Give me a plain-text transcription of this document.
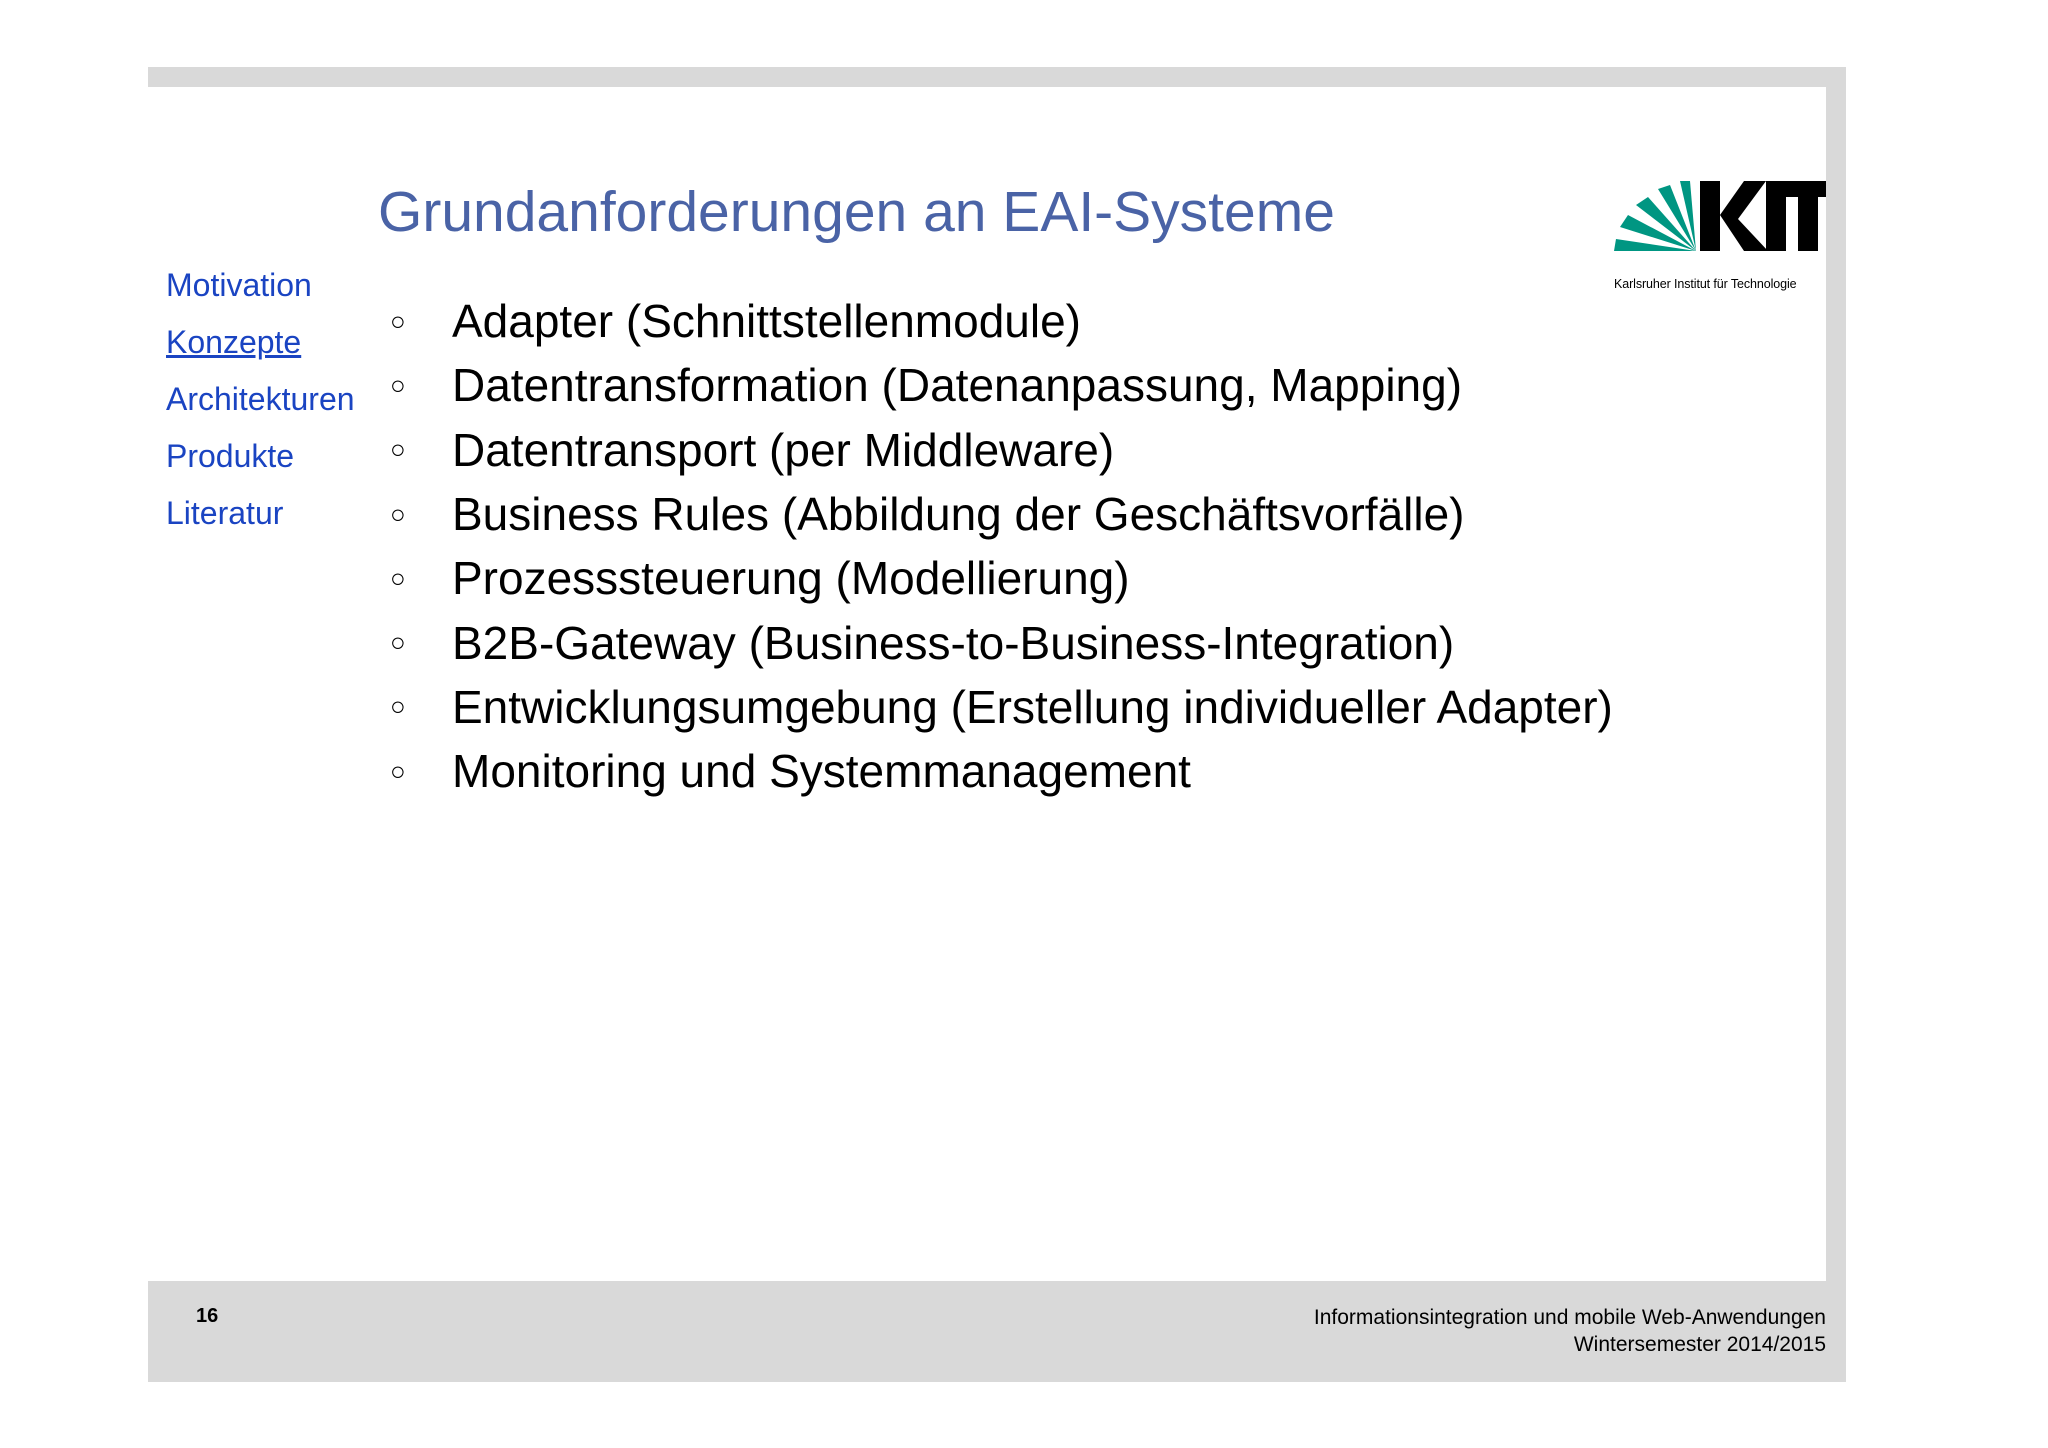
Karlsruher Institut für Technologie
Grundanforderungen an EAI-Systeme
Motivation
Konzepte
Architekturen
Produkte
Literatur
○	Adapter (Schnittstellenmodule)
○	Datentransformation (Datenanpassung, Mapping)
○	Datentransport (per Middleware)
○	Business Rules (Abbildung der Geschäftsvorfälle)
○	Prozesssteuerung (Modellierung)
○	B2B-Gateway (Business-to-Business-Integration)
○	Entwicklungsumgebung (Erstellung individueller Adapter)
○	Monitoring und Systemmanagement
16	Informationsintegration und mobile Web-Anwendungen
Wintersemester 2014/2015
